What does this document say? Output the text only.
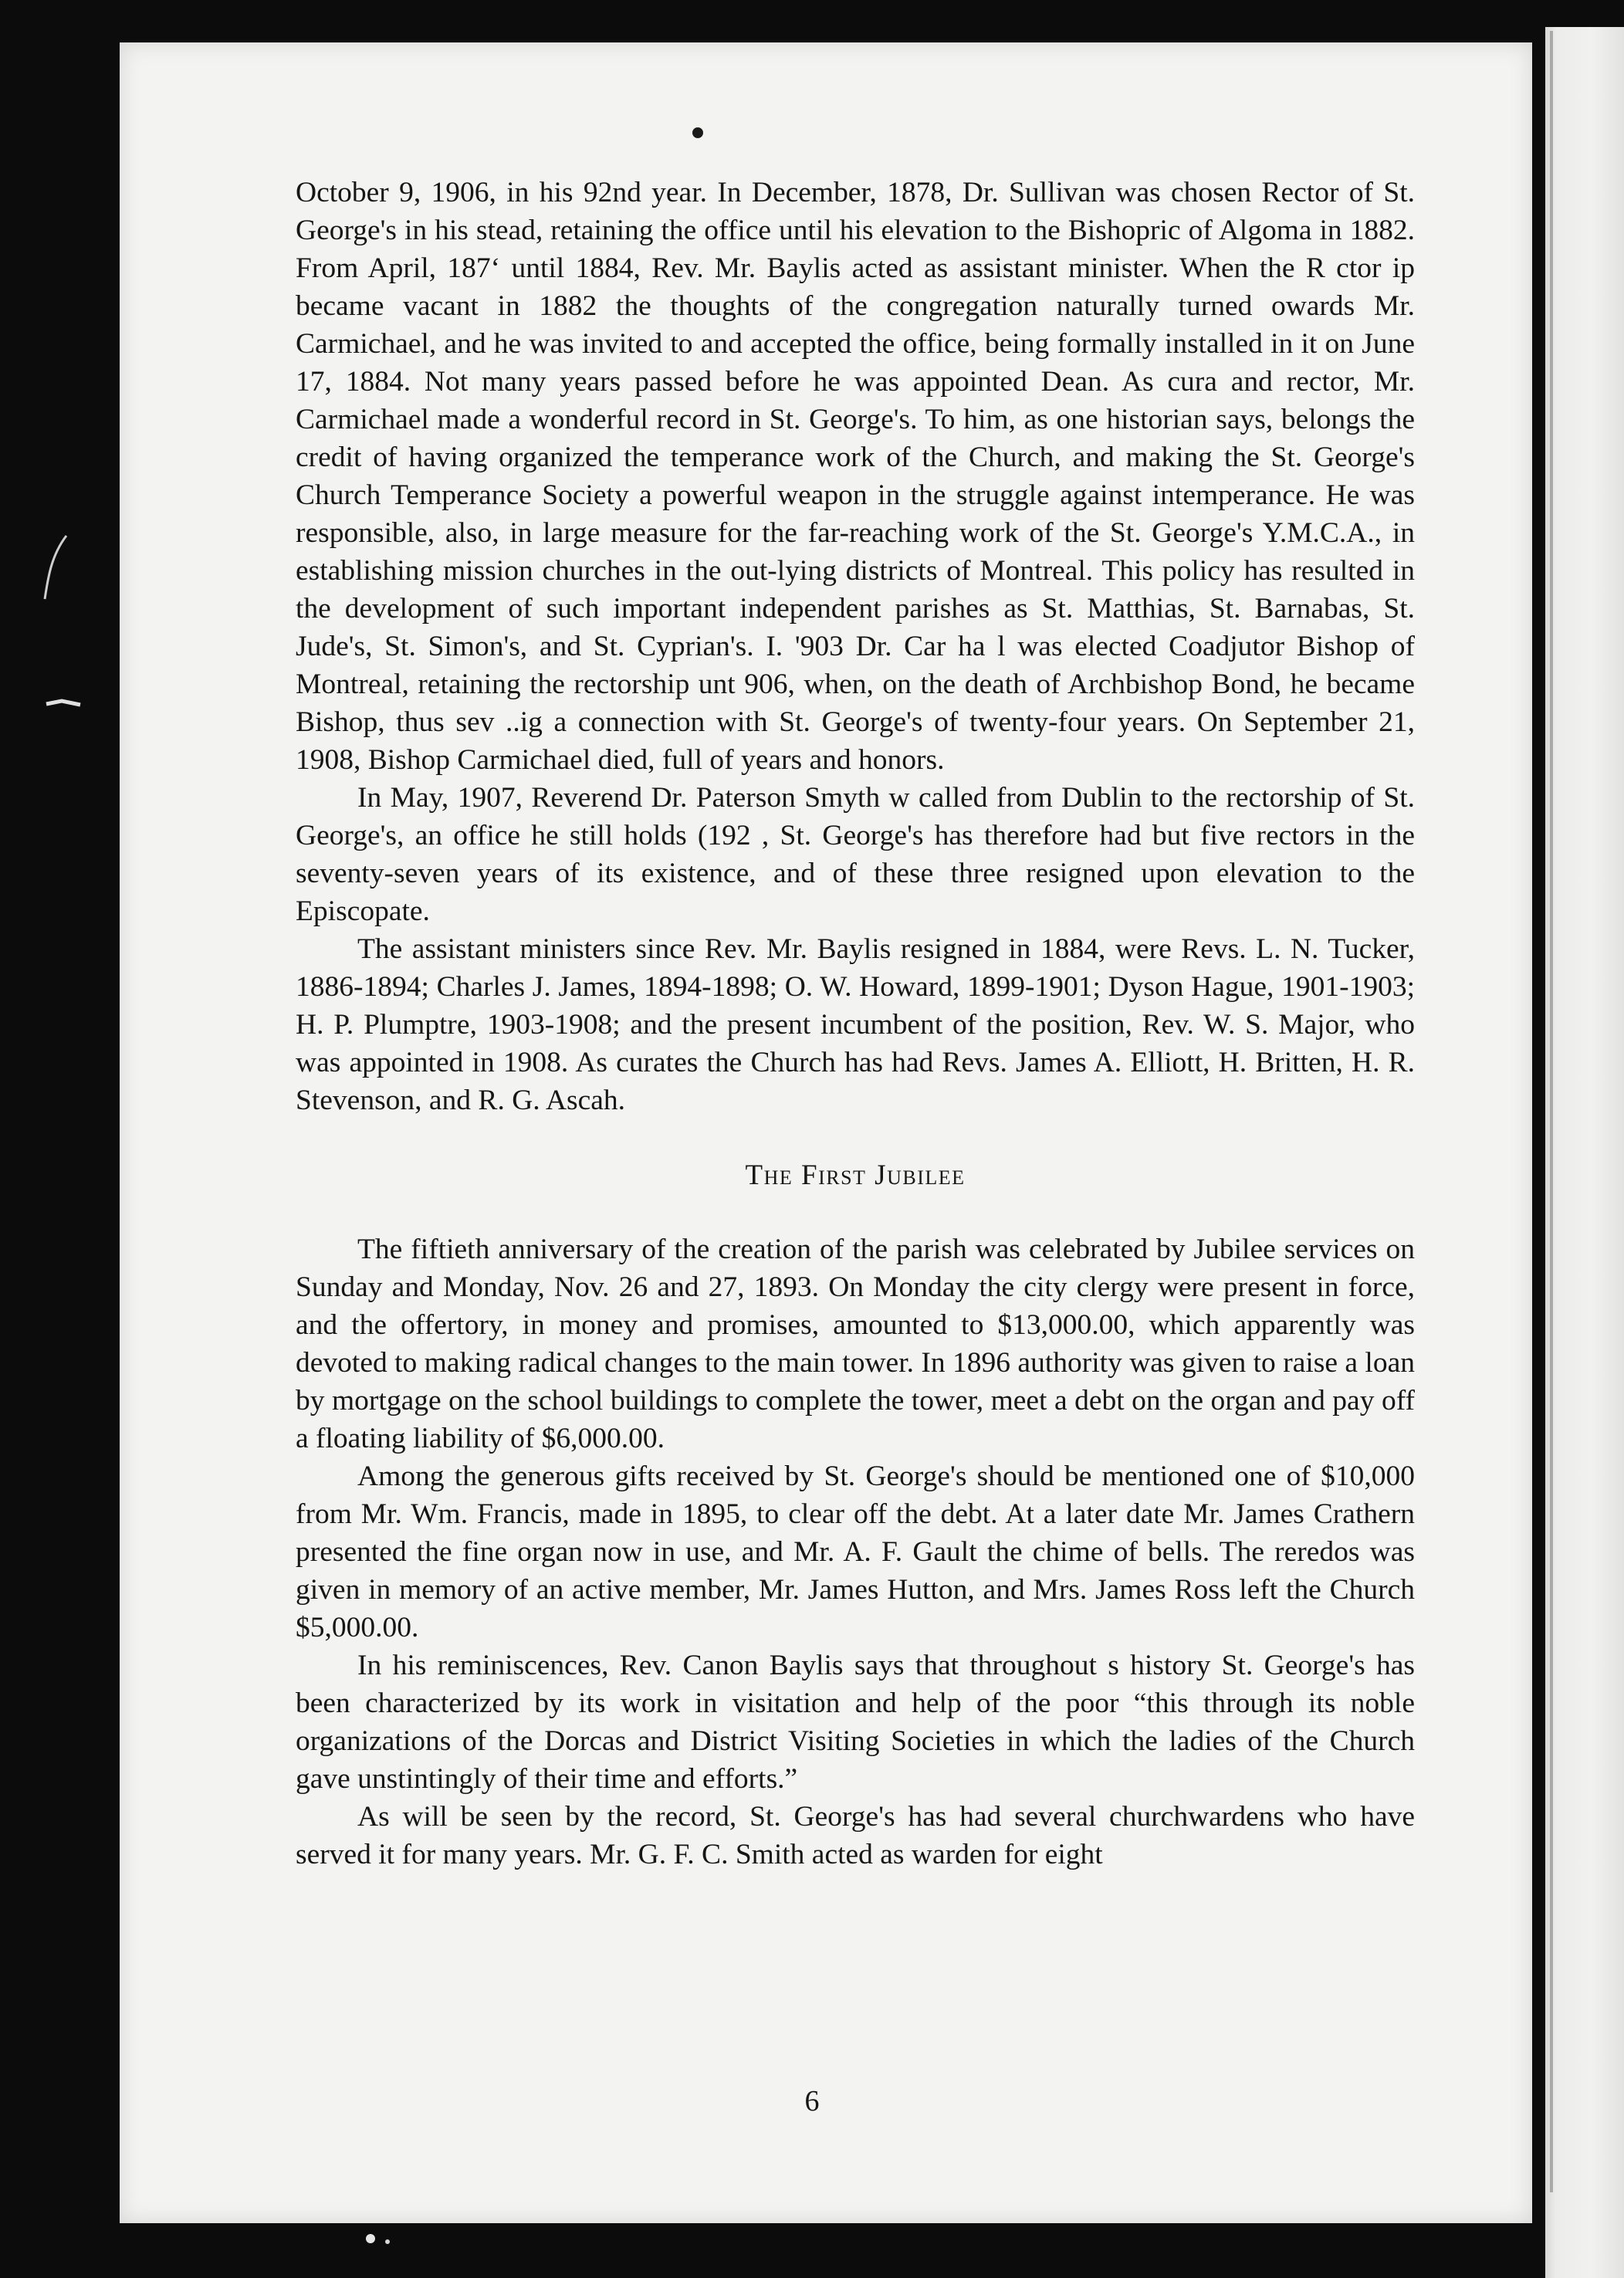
October 9, 1906, in his 92nd year. In December, 1878, Dr. Sullivan was chosen Rector of St. George's in his stead, retaining the office until his elevation to the Bishopric of Algoma in 1882. From April, 187‘ until 1884, Rev. Mr. Baylis acted as assistant minister. When the R ctor ip became vacant in 1882 the thoughts of the congregation naturally turned owards Mr. Carmichael, and he was invited to and accepted the office, being formally installed in it on June 17, 1884. Not many years passed before he was appointed Dean. As cura and rector, Mr. Carmichael made a wonderful record in St. George's. To him, as one historian says, belongs the credit of having organized the temperance work of the Church, and making the St. George's Church Temperance Society a powerful weapon in the struggle against intemperance. He was responsible, also, in large measure for the far-reaching work of the St. George's Y.M.C.A., in establishing mission churches in the out-lying districts of Montreal. This policy has resulted in the development of such important independent parishes as St. Matthias, St. Barnabas, St. Jude's, St. Simon's, and St. Cyprian's. I. '903 Dr. Car ha l was elected Coadjutor Bishop of Montreal, retaining the rectorship unt 906, when, on the death of Archbishop Bond, he became Bishop, thus sev ..ig a connection with St. George's of twenty-four years. On September 21, 1908, Bishop Carmichael died, full of years and honors.

In May, 1907, Reverend Dr. Paterson Smyth w called from Dublin to the rectorship of St. George's, an office he still holds (192 , St. George's has therefore had but five rectors in the seventy-seven years of its existence, and of these three resigned upon elevation to the Episcopate.

The assistant ministers since Rev. Mr. Baylis resigned in 1884, were Revs. L. N. Tucker, 1886-1894; Charles J. James, 1894-1898; O. W. Howard, 1899-1901; Dyson Hague, 1901-1903; H. P. Plumptre, 1903-1908; and the present incumbent of the position, Rev. W. S. Major, who was appointed in 1908. As curates the Church has had Revs. James A. Elliott, H. Britten, H. R. Stevenson, and R. G. Ascah.

The First Jubilee

The fiftieth anniversary of the creation of the parish was celebrated by Jubilee services on Sunday and Monday, Nov. 26 and 27, 1893. On Monday the city clergy were present in force, and the offertory, in money and promises, amounted to $13,000.00, which apparently was devoted to making radical changes to the main tower. In 1896 authority was given to raise a loan by mortgage on the school buildings to complete the tower, meet a debt on the organ and pay off a floating liability of $6,000.00.

Among the generous gifts received by St. George's should be mentioned one of $10,000 from Mr. Wm. Francis, made in 1895, to clear off the debt. At a later date Mr. James Crathern presented the fine organ now in use, and Mr. A. F. Gault the chime of bells. The reredos was given in memory of an active member, Mr. James Hutton, and Mrs. James Ross left the Church $5,000.00.

In his reminiscences, Rev. Canon Baylis says that throughout s history St. George's has been characterized by its work in visitation and help of the poor “this through its noble organizations of the Dorcas and District Visiting Societies in which the ladies of the Church gave unstintingly of their time and efforts.”

As will be seen by the record, St. George's has had several churchwardens who have served it for many years. Mr. G. F. C. Smith acted as warden for eight

6
